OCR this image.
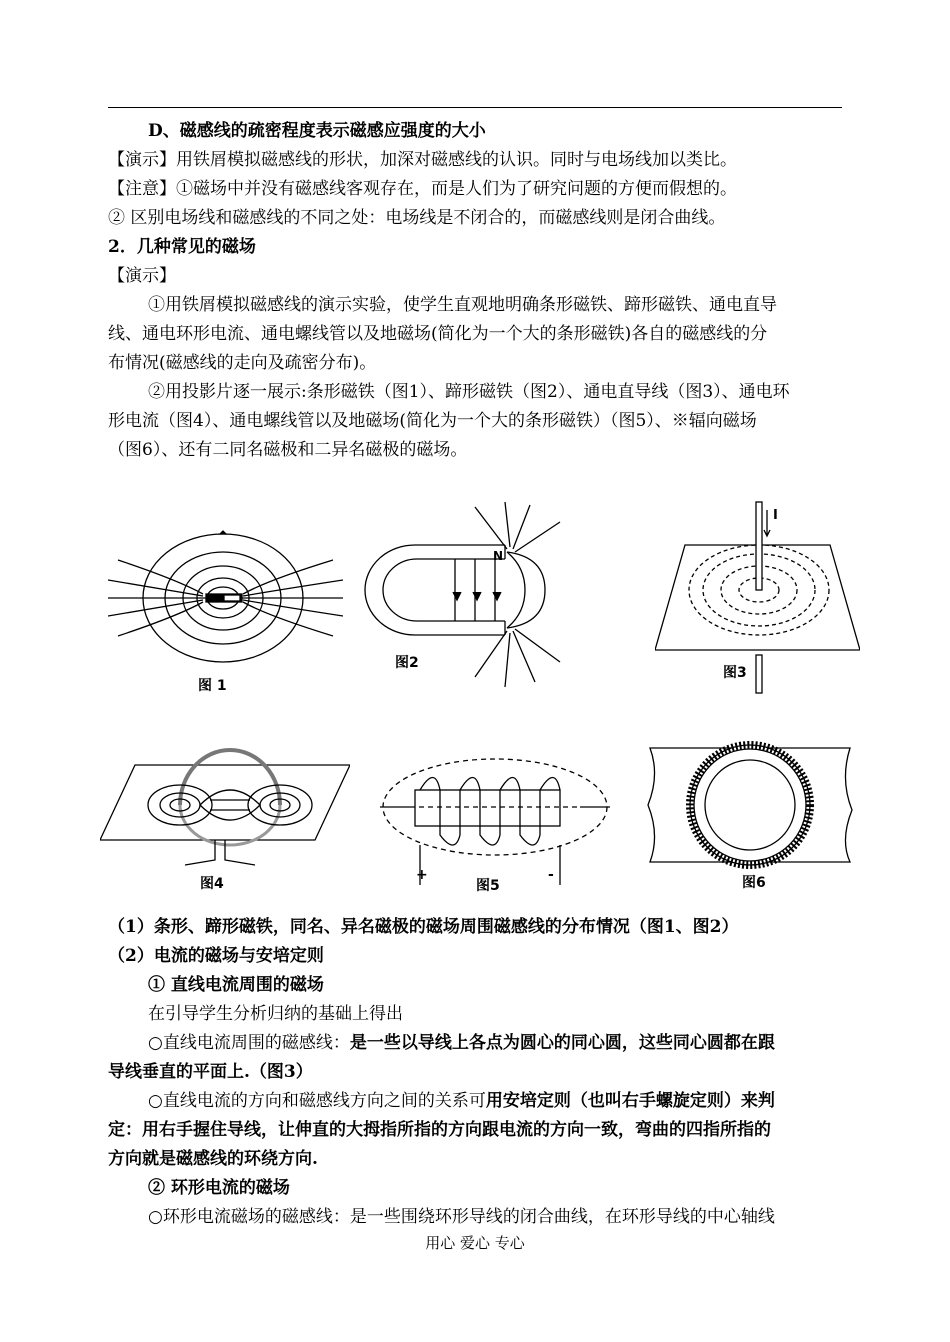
D、磁感线的疏密程度表示磁感应强度的大小
【演示】用铁屑模拟磁感线的形状，加深对磁感线的认识。同时与电场线加以类比。
【注意】①磁场中并没有磁感线客观存在，而是人们为了研究问题的方便而假想的。
② 区别电场线和磁感线的不同之处：电场线是不闭合的，而磁感线则是闭合曲线。
2．几种常见的磁场
【演示】
①用铁屑模拟磁感线的演示实验，使学生直观地明确条形磁铁、蹄形磁铁、通电直导
线、通电环形电流、通电螺线管以及地磁场(简化为一个大的条形磁铁)各自的磁感线的分
布情况(磁感线的走向及疏密分布)。
②用投影片逐一展示:条形磁铁（图1）、蹄形磁铁（图2）、通电直导线（图3）、通电环
形电流（图4）、通电螺线管以及地磁场(简化为一个大的条形磁铁）（图5）、※辐向磁场
（图6）、还有二同名磁极和二异名磁极的磁场。
图 1
N
图2
I
图3
图4
+	-
图5	图6
（1）条形、蹄形磁铁，同名、异名磁极的磁场周围磁感线的分布情况（图1、图2）
（2）电流的磁场与安培定则
① 直线电流周围的磁场
在引导学生分析归纳的基础上得出
○直线电流周围的磁感线：是一些以导线上各点为圆心的同心圆，这些同心圆都在跟
导线垂直的平面上.（图3）
○直线电流的方向和磁感线方向之间的关系可用安培定则（也叫右手螺旋定则）来判
定：用右手握住导线，让伸直的大拇指所指的方向跟电流的方向一致，弯曲的四指所指的
方向就是磁感线的环绕方向.
② 环形电流的磁场
○环形电流磁场的磁感线：是一些围绕环形导线的闭合曲线，在环形导线的中心轴线
用心 爱心 专心
